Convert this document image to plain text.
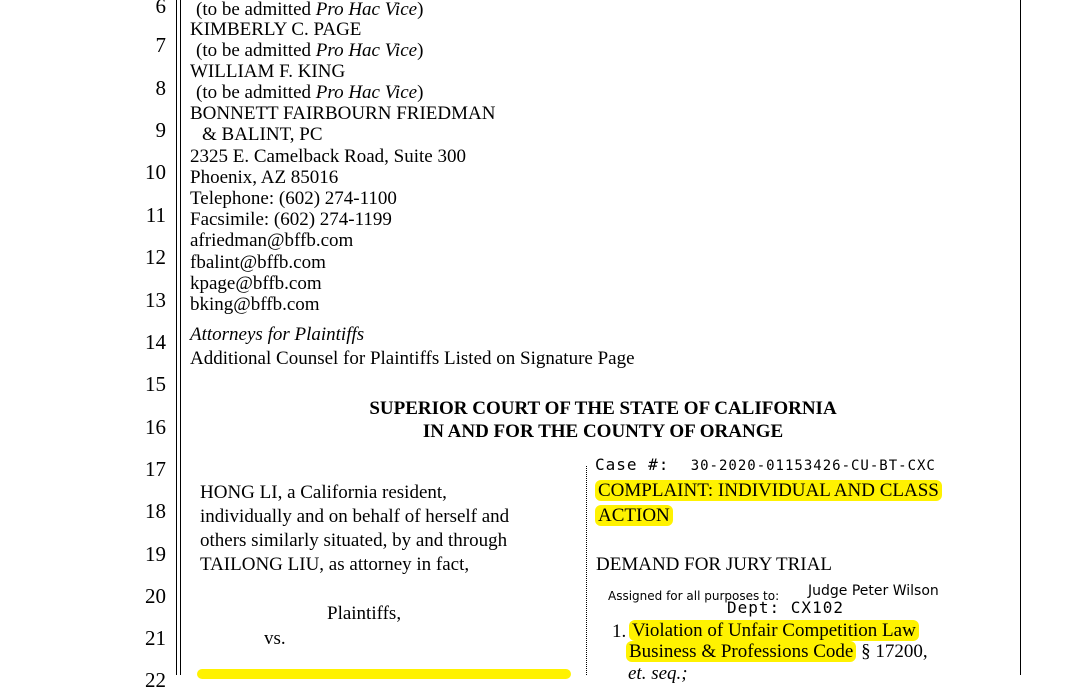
6
7
8
9
10
11
12
13
14
15
16
17
18
19
20
21
22
(to be admitted Pro Hac Vice)
KIMBERLY C. PAGE
(to be admitted Pro Hac Vice)
WILLIAM F. KING
(to be admitted Pro Hac Vice)
BONNETT FAIRBOURN FRIEDMAN
& BALINT, PC
2325 E. Camelback Road, Suite 300
Phoenix, AZ 85016
Telephone: (602) 274-1100
Facsimile: (602) 274-1199
afriedman@bffb.com
fbalint@bffb.com
kpage@bffb.com
bking@bffb.com
Attorneys for Plaintiffs
Additional Counsel for Plaintiffs Listed on Signature Page
SUPERIOR COURT OF THE STATE OF CALIFORNIA
IN AND FOR THE COUNTY OF ORANGE
HONG LI, a California resident,
individually and on behalf of herself and
others similarly situated, by and through
TAILONG LIU, as attorney in fact,
Plaintiffs,
vs.
Case #: 30-2020-01153426-CU-BT-CXC
COMPLAINT: INDIVIDUAL AND CLASS
ACTION
DEMAND FOR JURY TRIAL
Assigned for all purposes to: Judge Peter Wilson
Dept: CX102
1. Violation of Unfair Competition Law
Business & Professions Code § 17200,
et. seq.;
